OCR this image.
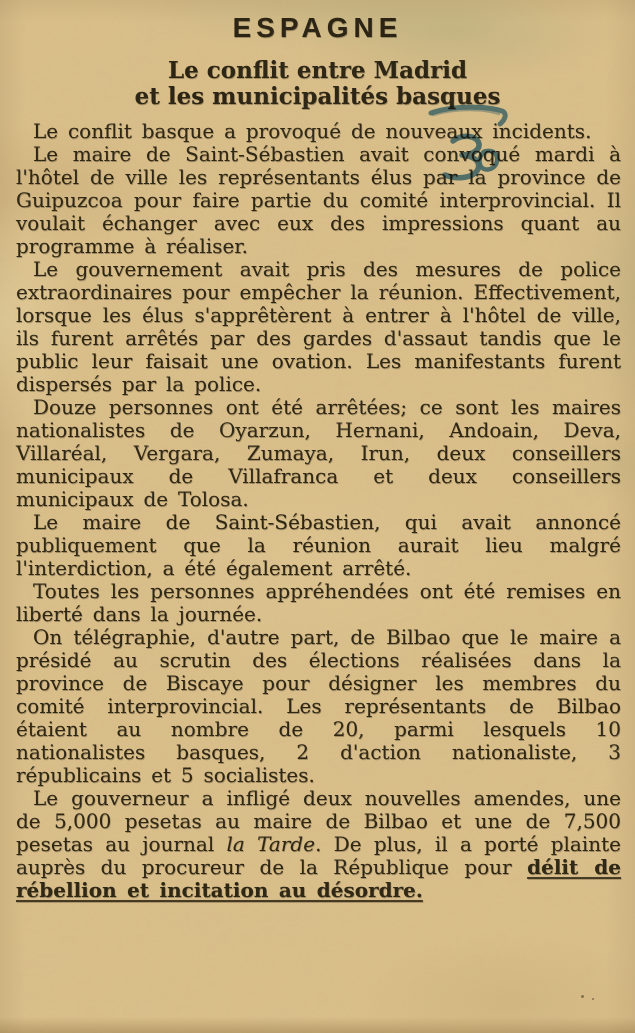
ESPAGNE
Le conflit entre Madrid
et les municipalités basques

Le conflit basque a provoqué de nouveaux incidents.

Le maire de Saint-Sébastien avait convoqué mardi à l'hôtel de ville les représentants élus par la province de Guipuzcoa pour faire partie du comité interprovincial. Il voulait échanger avec eux des impressions quant au programme à réaliser.

Le gouvernement avait pris des mesures de police extraordinaires pour empêcher la réunion. Effectivement, lorsque les élus s'apprêtèrent à entrer à l'hôtel de ville, ils furent arrêtés par des gardes d'assaut tandis que le public leur faisait une ovation. Les manifestants furent dispersés par la police.

Douze personnes ont été arrêtées; ce sont les maires nationalistes de Oyarzun, Hernani, Andoain, Deva, Villaréal, Vergara, Zumaya, Irun, deux conseillers municipaux de Villafranca et deux conseillers municipaux de Tolosa.

Le maire de Saint-Sébastien, qui avait annoncé publiquement que la réunion aurait lieu malgré l'interdiction, a été également arrêté.

Toutes les personnes appréhendées ont été remises en liberté dans la journée.

On télégraphie, d'autre part, de Bilbao que le maire a présidé au scrutin des élections réalisées dans la province de Biscaye pour désigner les membres du comité interprovincial. Les représentants de Bilbao étaient au nombre de 20, parmi lesquels 10 nationalistes basques, 2 d'action nationaliste, 3 républicains et 5 socialistes.

Le gouverneur a infligé deux nouvelles amendes, une de 5,000 pesetas au maire de Bilbao et une de 7,500 pesetas au journal la Tarde. De plus, il a porté plainte auprès du procureur de la République pour délit de rébellion et incitation au désordre.
